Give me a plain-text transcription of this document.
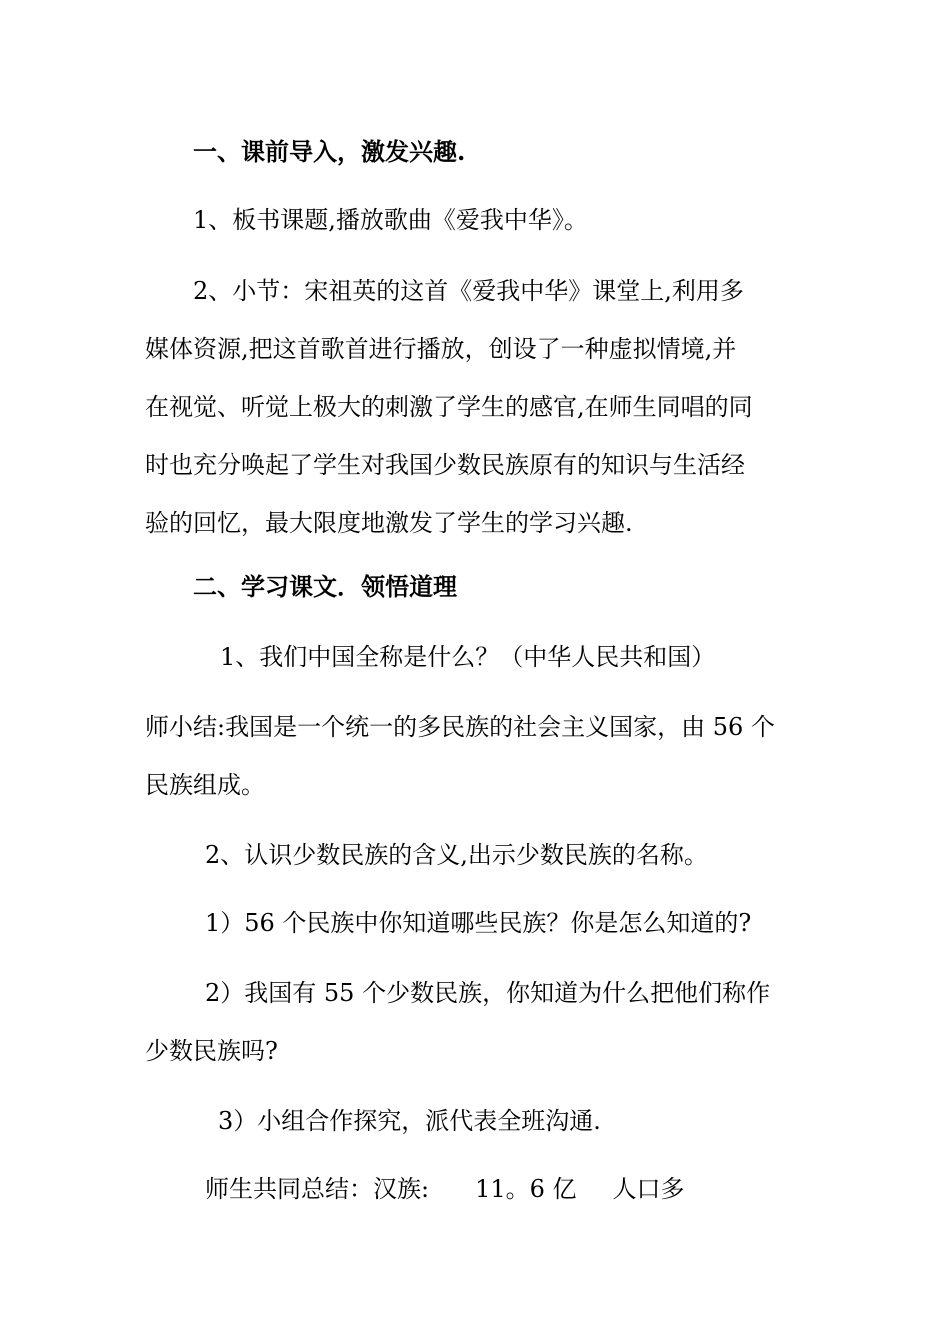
一、课前导入，激发兴趣.
1、板书课题,播放歌曲《爱我中华》。
2、小节：宋祖英的这首《爱我中华》课堂上,利用多
媒体资源,把这首歌首进行播放，创设了一种虚拟情境,并
在视觉、听觉上极大的刺激了学生的感官,在师生同唱的同
时也充分唤起了学生对我国少数民族原有的知识与生活经
验的回忆，最大限度地激发了学生的学习兴趣.
二、学习课文．领悟道理
1、我们中国全称是什么？（中华人民共和国）
师小结:我国是一个统一的多民族的社会主义国家，由 56 个
民族组成。
2、认识少数民族的含义,出示少数民族的名称。
1）56 个民族中你知道哪些民族？你是怎么知道的?
2）我国有 55 个少数民族，你知道为什么把他们称作
少数民族吗?
3）小组合作探究，派代表全班沟通.
师生共同总结：汉族: 11。6 亿 人口多
